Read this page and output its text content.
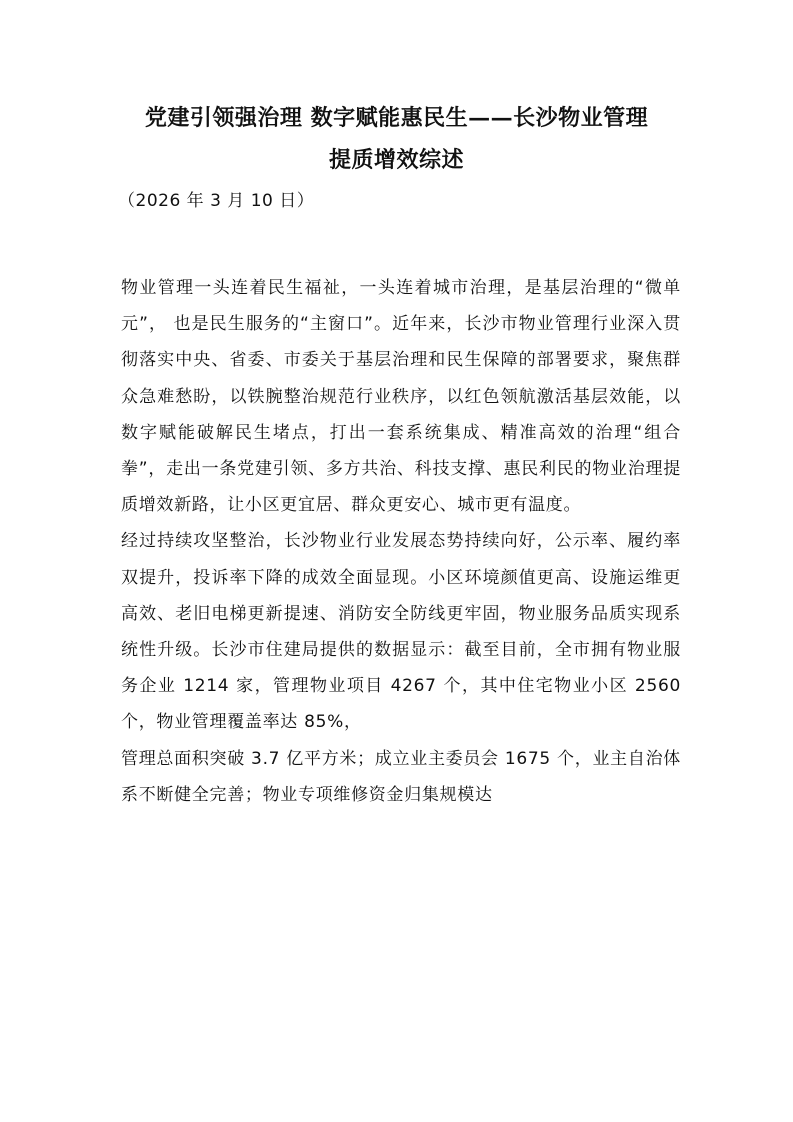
党建引领强治理 数字赋能惠民生——长沙物业管理
提质增效综述

（2026 年 3 月 10 日）

物业管理一头连着民生福祉，一头连着城市治理，是基层治理的“微单元”， 也是民生服务的“主窗口”。近年来，长沙市物业管理行业深入贯彻落实中央、省委、市委关于基层治理和民生保障的部署要求，聚焦群众急难愁盼，以铁腕整治规范行业秩序，以红色领航激活基层效能，以数字赋能破解民生堵点，打出一套系统集成、精准高效的治理“组合拳”，走出一条党建引领、多方共治、科技支撑、惠民利民的物业治理提质增效新路，让小区更宜居、群众更安心、城市更有温度。

经过持续攻坚整治，长沙物业行业发展态势持续向好，公示率、履约率双提升，投诉率下降的成效全面显现。小区环境颜值更高、设施运维更高效、老旧电梯更新提速、消防安全防线更牢固，物业服务品质实现系统性升级。长沙市住建局提供的数据显示：截至目前，全市拥有物业服务企业 1214 家，管理物业项目 4267 个，其中住宅物业小区 2560 个，物业管理覆盖率达 85%，

管理总面积突破 3.7 亿平方米；成立业主委员会 1675 个，业主自治体系不断健全完善；物业专项维修资金归集规模达
